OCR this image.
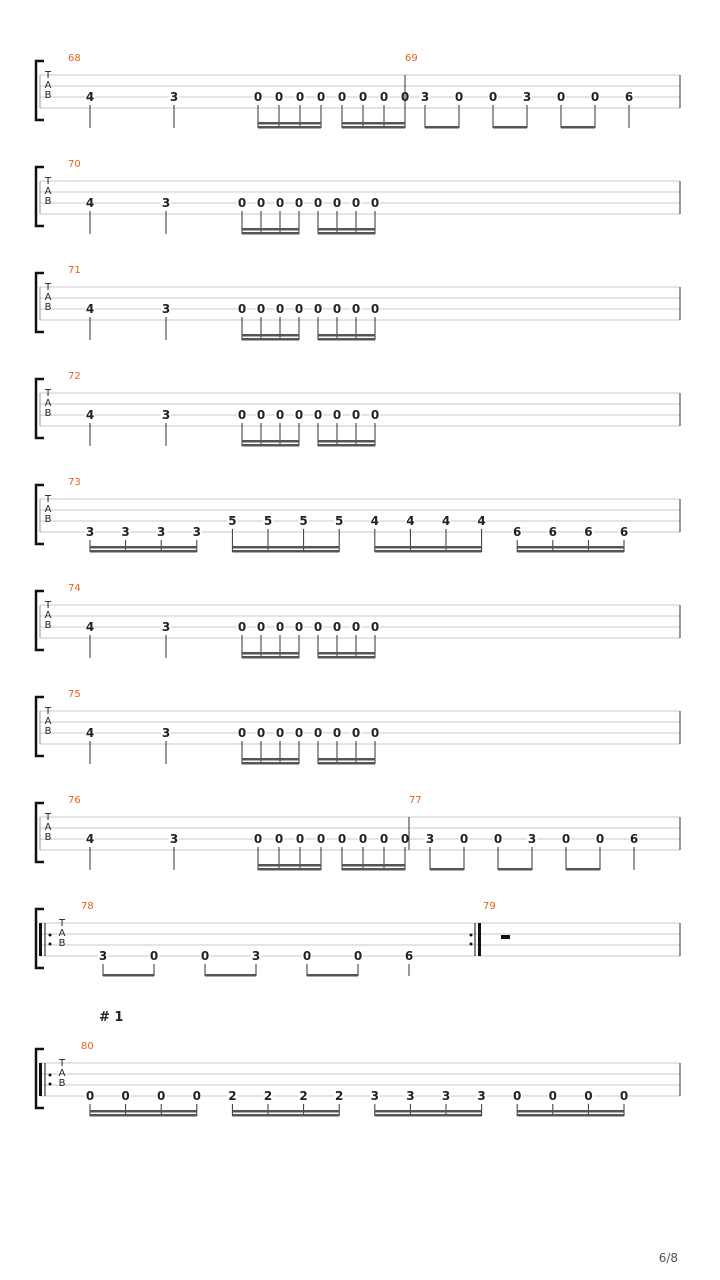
T
A
B
68
4	3	0 0 0 0 0 0 0 0
69
3 0 0 3 0 0 6
T
A
B
70
4	3	0 0 0 0 0 0 0 0
T
A
B
71
4	3	0 0 0 0 0 0 0 0
T
A
B
72
4	3	0 0 0 0 0 0 0 0
T
A
B
73
3 3 3 3
5 5 5 5 4 4 4 4
6 6 6 6
T
A
B
74
4	3	0 0 0 0 0 0 0 0
T
A
B
75
4	3	0 0 0 0 0 0 0 0
T
A
B
76
4	3	0 0 0 0 0 0 0 0
77
3 0 0 3 0 0 6
T
A
B
78
3	0	0	3	0	0	6
79
T
A
B
80
0 0 0 0 2 2 2 2 3 3 3 3 0 0 0 0
# 1
6/8
